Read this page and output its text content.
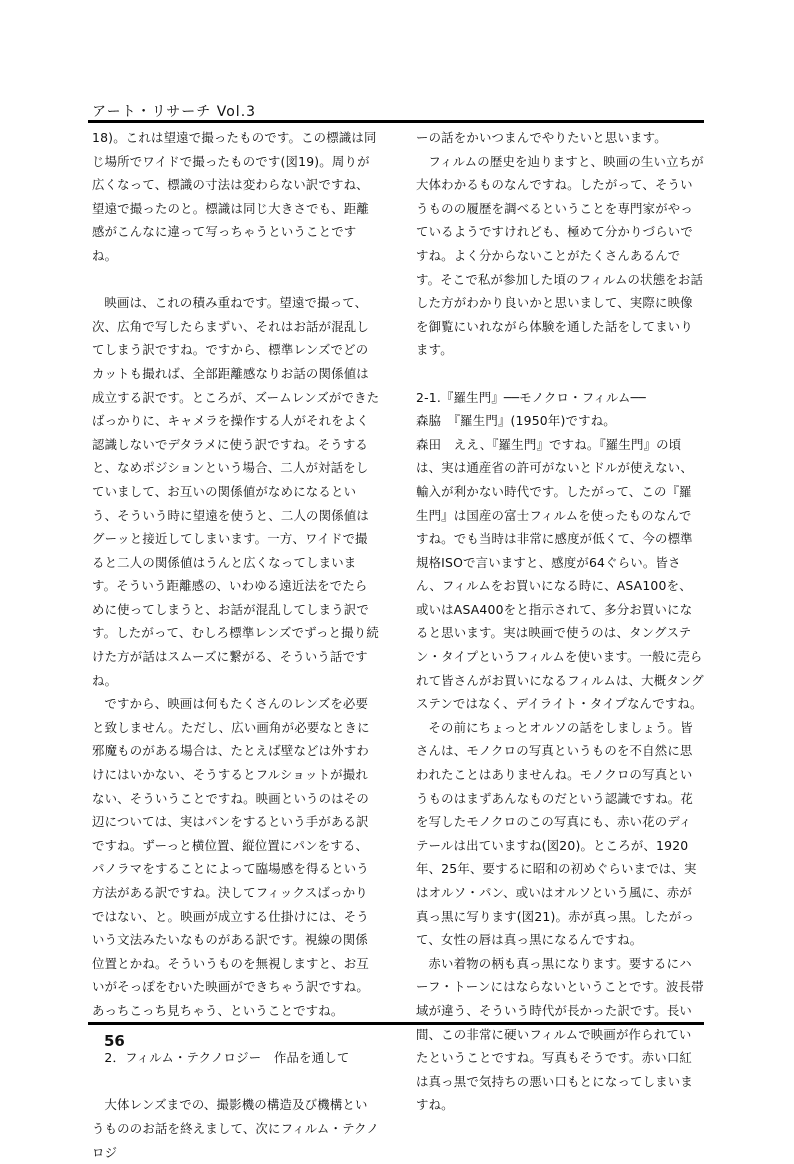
アート・リサーチ Vol.3

18)。これは望遠で撮ったものです。この標識は同じ場所でワイドで撮ったものです(図19)。周りが広くなって、標識の寸法は変わらない訳ですね、望遠で撮ったのと。標識は同じ大きさでも、距離感がこんなに違って写っちゃうということですね。

映画は、これの積み重ねです。望遠で撮って、次、広角で写したらまずい、それはお話が混乱してしまう訳ですね。ですから、標準レンズでどのカットも撮れば、全部距離感なりお話の関係値は成立する訳です。ところが、ズームレンズができたばっかりに、キャメラを操作する人がそれをよく認識しないでデタラメに使う訳ですね。そうすると、なめポジションという場合、二人が対話をしていまして、お互いの関係値がなめになるという、そういう時に望遠を使うと、二人の関係値はグーッと接近してしまいます。一方、ワイドで撮ると二人の関係値はうんと広くなってしまいます。そういう距離感の、いわゆる遠近法をでたらめに使ってしまうと、お話が混乱してしまう訳です。したがって、むしろ標準レンズでずっと撮り続けた方が話はスムーズに繋がる、そういう話ですね。

ですから、映画は何もたくさんのレンズを必要と致しません。ただし、広い画角が必要なときに邪魔ものがある場合は、たとえば壁などは外すわけにはいかない、そうするとフルショットが撮れない、そういうことですね。映画というのはその辺については、実はパンをするという手がある訳ですね。ずーっと横位置、縦位置にパンをする、パノラマをすることによって臨場感を得るという方法がある訳ですね。決してフィックスばっかりではない、と。映画が成立する仕掛けには、そういう文法みたいなものがある訳です。視線の関係位置とかね。そういうものを無視しますと、お互いがそっぽをむいた映画ができちゃう訳ですね。あっちこっち見ちゃう、ということですね。

2．フィルム・テクノロジー　作品を通して

大体レンズまでの、撮影機の構造及び機構というもののお話を終えまして、次にフィルム・テクノロジ

ーの話をかいつまんでやりたいと思います。

フィルムの歴史を辿りますと、映画の生い立ちが大体わかるものなんですね。したがって、そういうものの履歴を調べるということを専門家がやっているようですけれども、極めて分かりづらいですね。よく分からないことがたくさんあるんです。そこで私が参加した頃のフィルムの状態をお話した方がわかり良いかと思いまして、実際に映像を御覧にいれながら体験を通した話をしてまいります。

2-1.『羅生門』──モノクロ・フィルム──

森脇　『羅生門』(1950年)ですね。

森田　ええ、『羅生門』ですね。『羅生門』の頃は、実は通産省の許可がないとドルが使えない、輸入が利かない時代です。したがって、この『羅生門』は国産の富士フィルムを使ったものなんですね。でも当時は非常に感度が低くて、今の標準規格ISOで言いますと、感度が64ぐらい。皆さん、フィルムをお買いになる時に、ASA100を、或いはASA400をと指示されて、多分お買いになると思います。実は映画で使うのは、タングステン・タイプというフィルムを使います。一般に売られて皆さんがお買いになるフィルムは、大概タングステンではなく、デイライト・タイプなんですね。

その前にちょっとオルソの話をしましょう。皆さんは、モノクロの写真というものを不自然に思われたことはありませんね。モノクロの写真というものはまずあんなものだという認識ですね。花を写したモノクロのこの写真にも、赤い花のディテールは出ていますね(図20)。ところが、1920年、25年、要するに昭和の初めぐらいまでは、実はオルソ・パン、或いはオルソという風に、赤が真っ黒に写ります(図21)。赤が真っ黒。したがって、女性の唇は真っ黒になるんですね。

赤い着物の柄も真っ黒になります。要するにハーフ・トーンにはならないということです。波長帯域が違う、そういう時代が長かった訳です。長い間、この非常に硬いフィルムで映画が作られていたということですね。写真もそうです。赤い口紅は真っ黒で気持ちの悪い口もとになってしまいますね。

56
